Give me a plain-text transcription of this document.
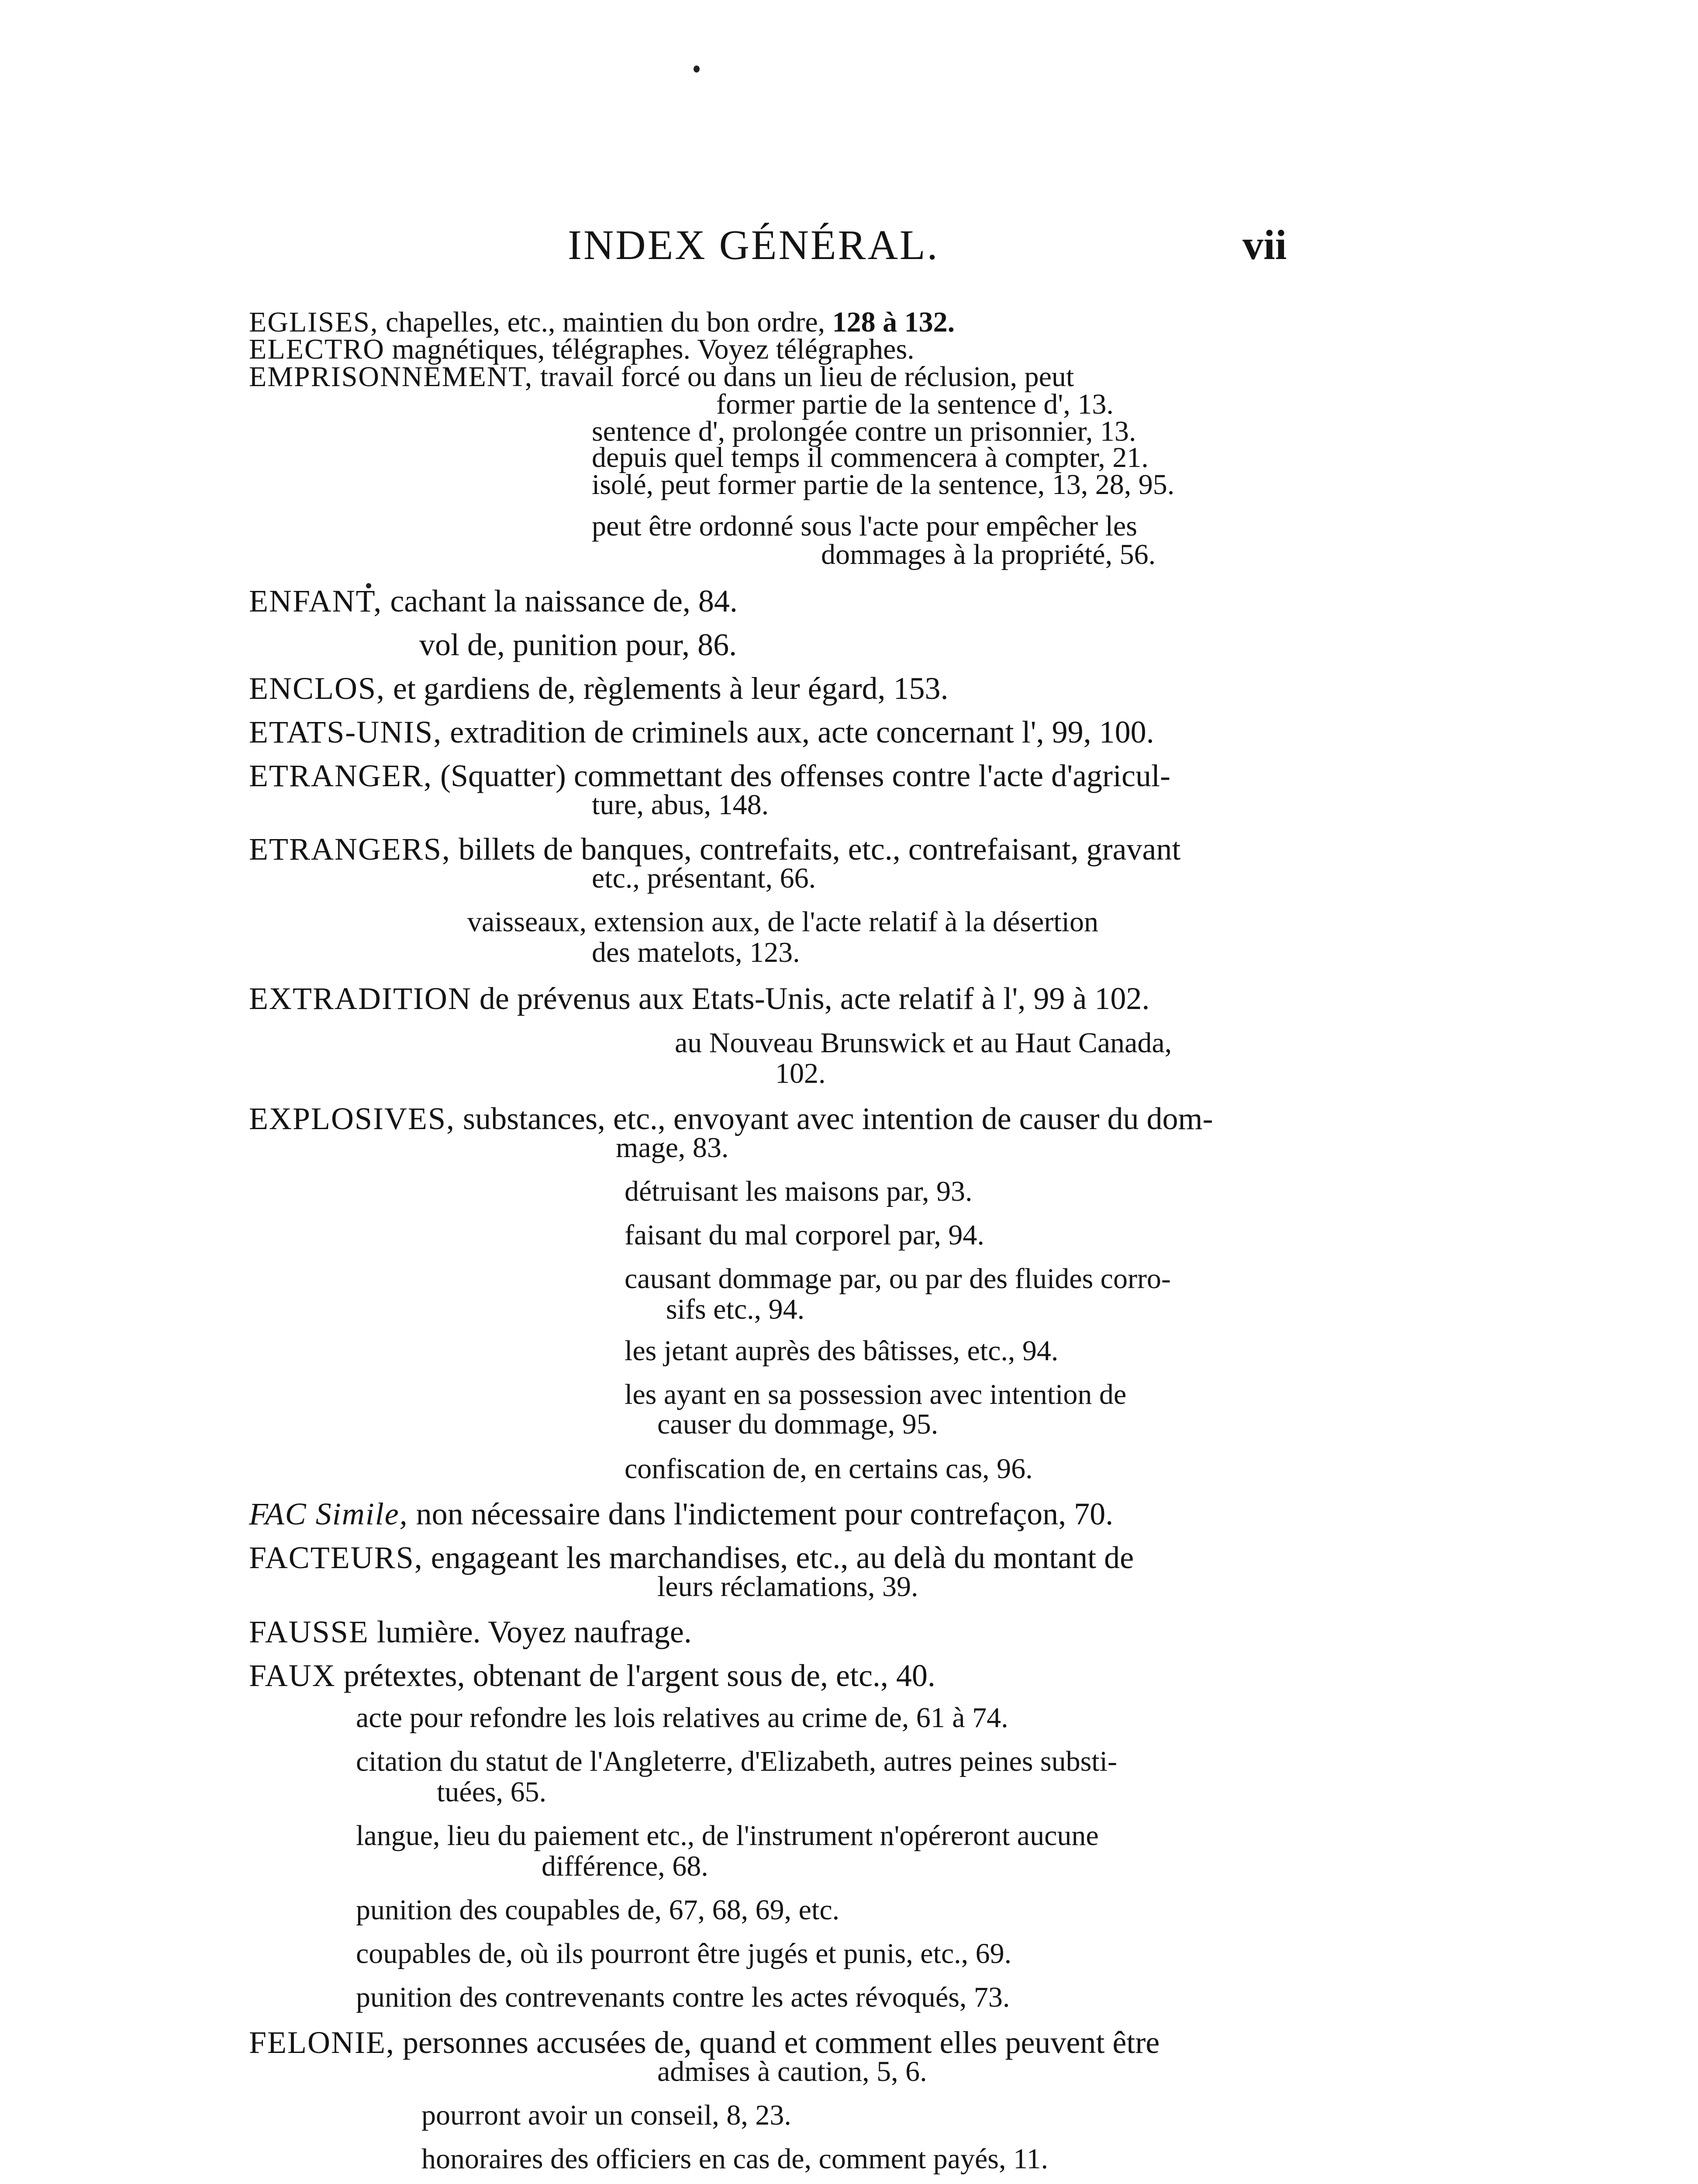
INDEX GÉNÉRAL.	vii
EGLISES, chapelles, etc., maintien du bon ordre, 128 à 132.
ELECTRO magnétiques, télégraphes. Voyez télégraphes.
EMPRISONNEMENT, travail forcé ou dans un lieu de réclusion, peut
former partie de la sentence d', 13.
sentence d', prolongée contre un prisonnier, 13.
depuis quel temps il commencera à compter, 21.
isolé, peut former partie de la sentence, 13, 28, 95.
peut être ordonné sous l'acte pour empêcher les
dommages à la propriété, 56.
ENFANT, cachant la naissance de, 84.
vol de, punition pour, 86.
ENCLOS, et gardiens de, règlements à leur égard, 153.
ETATS-UNIS, extradition de criminels aux, acte concernant l', 99, 100.
ETRANGER, (Squatter) commettant des offenses contre l'acte d'agricul-
ture, abus, 148.
ETRANGERS, billets de banques, contrefaits, etc., contrefaisant, gravant
etc., présentant, 66.
vaisseaux, extension aux, de l'acte relatif à la désertion
des matelots, 123.
EXTRADITION de prévenus aux Etats-Unis, acte relatif à l', 99 à 102.
au Nouveau Brunswick et au Haut Canada,
102.
EXPLOSIVES, substances, etc., envoyant avec intention de causer du dom-
mage, 83.
détruisant les maisons par, 93.
faisant du mal corporel par, 94.
causant dommage par, ou par des fluides corro-
sifs etc., 94.
les jetant auprès des bâtisses, etc., 94.
les ayant en sa possession avec intention de
causer du dommage, 95.
confiscation de, en certains cas, 96.
FAC Simile, non nécessaire dans l'indictement pour contrefaçon, 70.
FACTEURS, engageant les marchandises, etc., au delà du montant de
leurs réclamations, 39.
FAUSSE lumière. Voyez naufrage.
FAUX prétextes, obtenant de l'argent sous de, etc., 40.
acte pour refondre les lois relatives au crime de, 61 à 74.
citation du statut de l'Angleterre, d'Elizabeth, autres peines substi-
tuées, 65.
langue, lieu du paiement etc., de l'instrument n'opéreront aucune
différence, 68.
punition des coupables de, 67, 68, 69, etc.
coupables de, où ils pourront être jugés et punis, etc., 69.
punition des contrevenants contre les actes révoqués, 73.
FELONIE, personnes accusées de, quand et comment elles peuvent être
admises à caution, 5, 6.
pourront avoir un conseil, 8, 23.
honoraires des officiers en cas de, comment payés, 11.
